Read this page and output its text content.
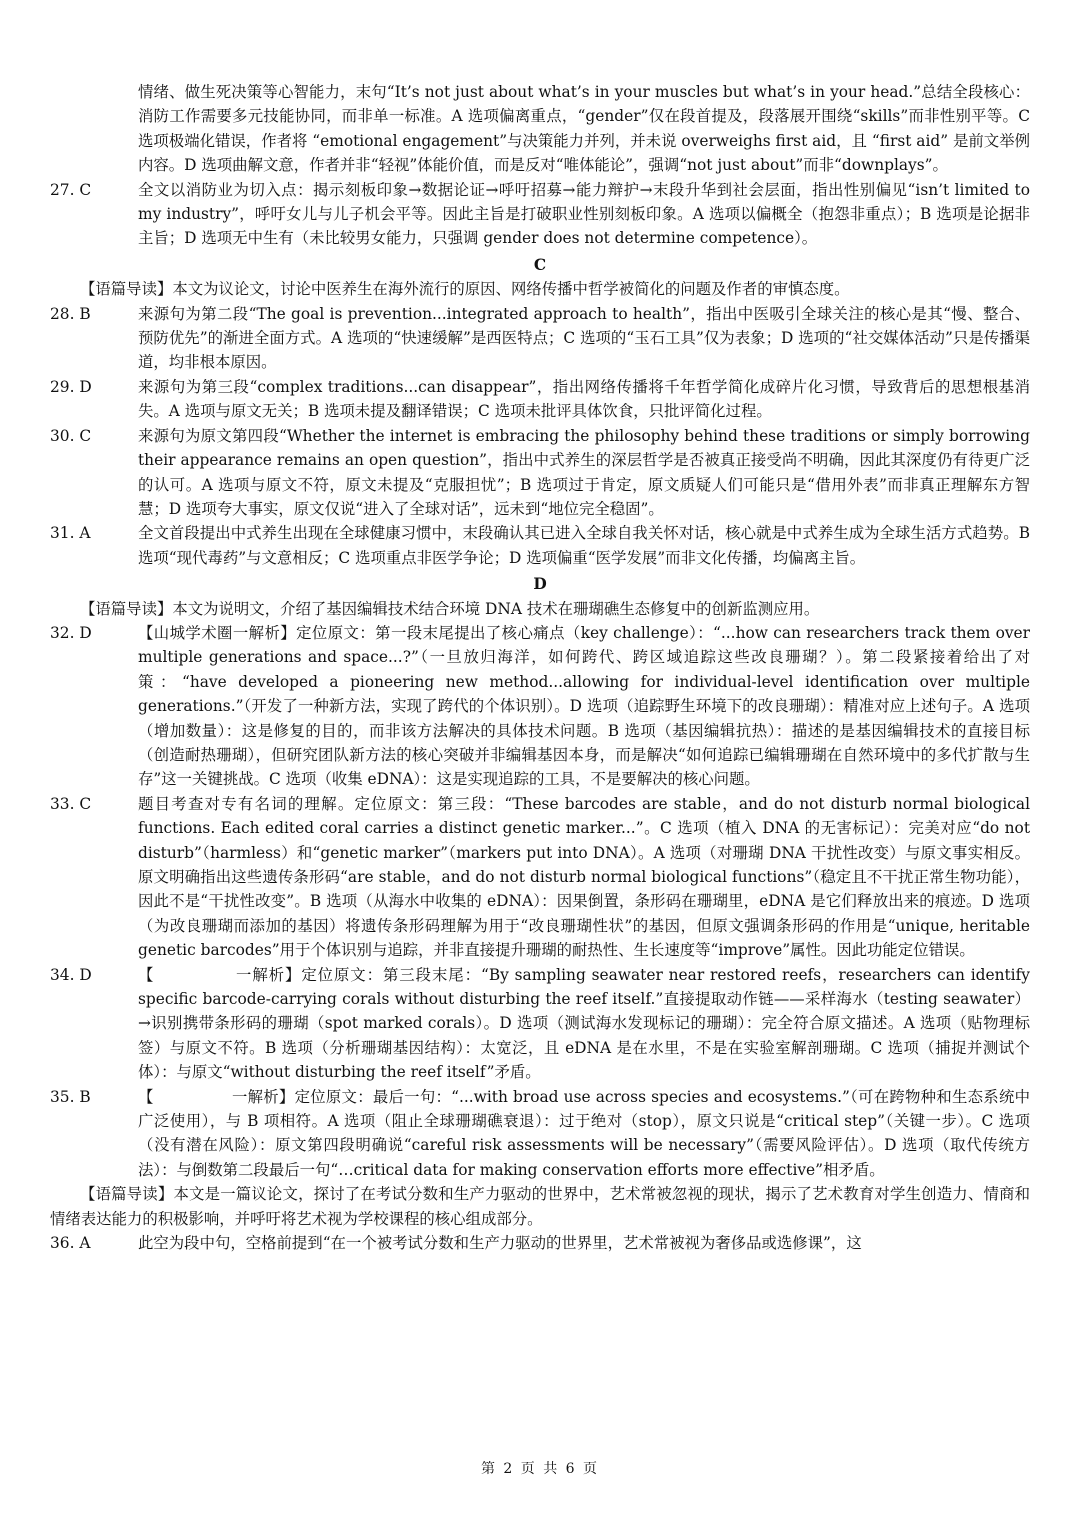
情绪、做生死决策等心智能力，末句“It’s not just about what’s in your muscles but what’s in your head.”总结全段核心：消防工作需要多元技能协同，而非单一标准。A 选项偏离重点，“gender”仅在段首提及，段落展开围绕“skills”而非性别平等。C 选项极端化错误，作者将 “emotional engagement”与决策能力并列，并未说 overweighs first aid，且 “first aid” 是前文举例内容。D 选项曲解文意，作者并非“轻视”体能价值，而是反对“唯体能论”，强调“not just about”而非“downplays”。
27. C	全文以消防业为切入点：揭示刻板印象→数据论证→呼吁招募→能力辩护→末段升华到社会层面，指出性别偏见“isn’t limited to my industry”，呼吁女儿与儿子机会平等。因此主旨是打破职业性别刻板印象。A 选项以偏概全（抱怨非重点）；B 选项是论据非主旨；D 选项无中生有（未比较男女能力，只强调 gender does not determine competence）。
C
【语篇导读】本文为议论文，讨论中医养生在海外流行的原因、网络传播中哲学被简化的问题及作者的审慎态度。
28. B	来源句为第二段“The goal is prevention...integrated approach to health”，指出中医吸引全球关注的核心是其“慢、整合、预防优先”的渐进全面方式。A 选项的“快速缓解”是西医特点；C 选项的“玉石工具”仅为表象；D 选项的“社交媒体活动”只是传播渠道，均非根本原因。
29. D	来源句为第三段“complex traditions...can disappear”，指出网络传播将千年哲学简化成碎片化习惯，导致背后的思想根基消失。A 选项与原文无关；B 选项未提及翻译错误；C 选项未批评具体饮食，只批评简化过程。
30. C	来源句为原文第四段“Whether the internet is embracing the philosophy behind these traditions or simply borrowing their appearance remains an open question”，指出中式养生的深层哲学是否被真正接受尚不明确，因此其深度仍有待更广泛的认可。A 选项与原文不符，原文未提及“克服担忧”；B 选项过于肯定，原文质疑人们可能只是“借用外表”而非真正理解东方智慧；D 选项夸大事实，原文仅说“进入了全球对话”，远未到“地位完全稳固”。
31. A	全文首段提出中式养生出现在全球健康习惯中，末段确认其已进入全球自我关怀对话，核心就是中式养生成为全球生活方式趋势。B 选项“现代毒药”与文意相反；C 选项重点非医学争论；D 选项偏重“医学发展”而非文化传播，均偏离主旨。
D
【语篇导读】本文为说明文，介绍了基因编辑技术结合环境 DNA 技术在珊瑚礁生态修复中的创新监测应用。
32. D	【山城学术圈一解析】定位原文：第一段末尾提出了核心痛点（key challenge）：“...how can researchers track them over multiple generations and space...?”（一旦放归海洋，如何跨代、跨区域追踪这些改良珊瑚？）。第二段紧接着给出了对策：“have developed a pioneering new method...allowing for individual-level identification over multiple generations.”（开发了一种新方法，实现了跨代的个体识别）。D 选项（追踪野生环境下的改良珊瑚）：精准对应上述句子。A 选项（增加数量）：这是修复的目的，而非该方法解决的具体技术问题。B 选项（基因编辑抗热）：描述的是基因编辑技术的直接目标（创造耐热珊瑚），但研究团队新方法的核心突破并非编辑基因本身，而是解决“如何追踪已编辑珊瑚在自然环境中的多代扩散与生存”这一关键挑战。C 选项（收集 eDNA）：这是实现追踪的工具，不是要解决的核心问题。
33. C	题目考查对专有名词的理解。定位原文：第三段：“These barcodes are stable，and do not disturb normal biological functions. Each edited coral carries a distinct genetic marker...”。C 选项（植入 DNA 的无害标记）：完美对应“do not disturb”（harmless）和“genetic marker”（markers put into DNA）。A 选项（对珊瑚 DNA 干扰性改变）与原文事实相反。原文明确指出这些遗传条形码“are stable，and do not disturb normal biological functions”（稳定且不干扰正常生物功能），因此不是“干扰性改变”。B 选项（从海水中收集的 eDNA）：因果倒置，条形码在珊瑚里，eDNA 是它们释放出来的痕迹。D 选项（为改良珊瑚而添加的基因）将遗传条形码理解为用于“改良珊瑚性状”的基因，但原文强调条形码的作用是“unique, heritable genetic barcodes”用于个体识别与追踪，并非直接提升珊瑚的耐热性、生长速度等“improve”属性。因此功能定位错误。
34. D	【　　　　　一解析】定位原文：第三段末尾：“By sampling seawater near restored reefs，researchers can identify specific barcode-carrying corals without disturbing the reef itself.”直接提取动作链——采样海水（testing seawater）→识别携带条形码的珊瑚（spot marked corals）。D 选项（测试海水发现标记的珊瑚）：完全符合原文描述。A 选项（贴物理标签）与原文不符。B 选项（分析珊瑚基因结构）：太宽泛，且 eDNA 是在水里，不是在实验室解剖珊瑚。C 选项（捕捉并测试个体）：与原文“without disturbing the reef itself”矛盾。
35. B	【　　　　　一解析】定位原文：最后一句：“...with broad use across species and ecosystems.”（可在跨物种和生态系统中广泛使用），与 B 项相符。A 选项（阻止全球珊瑚礁衰退）：过于绝对（stop），原文只说是“critical step”（关键一步）。C 选项（没有潜在风险）：原文第四段明确说“careful risk assessments will be necessary”（需要风险评估）。D 选项（取代传统方法）：与倒数第二段最后一句“…critical data for making conservation efforts more effective”相矛盾。
【语篇导读】本文是一篇议论文，探讨了在考试分数和生产力驱动的世界中，艺术常被忽视的现状，揭示了艺术教育对学生创造力、情商和情绪表达能力的积极影响，并呼吁将艺术视为学校课程的核心组成部分。
36. A	此空为段中句，空格前提到“在一个被考试分数和生产力驱动的世界里，艺术常被视为奢侈品或选修课”，这
第 2 页 共 6 页
